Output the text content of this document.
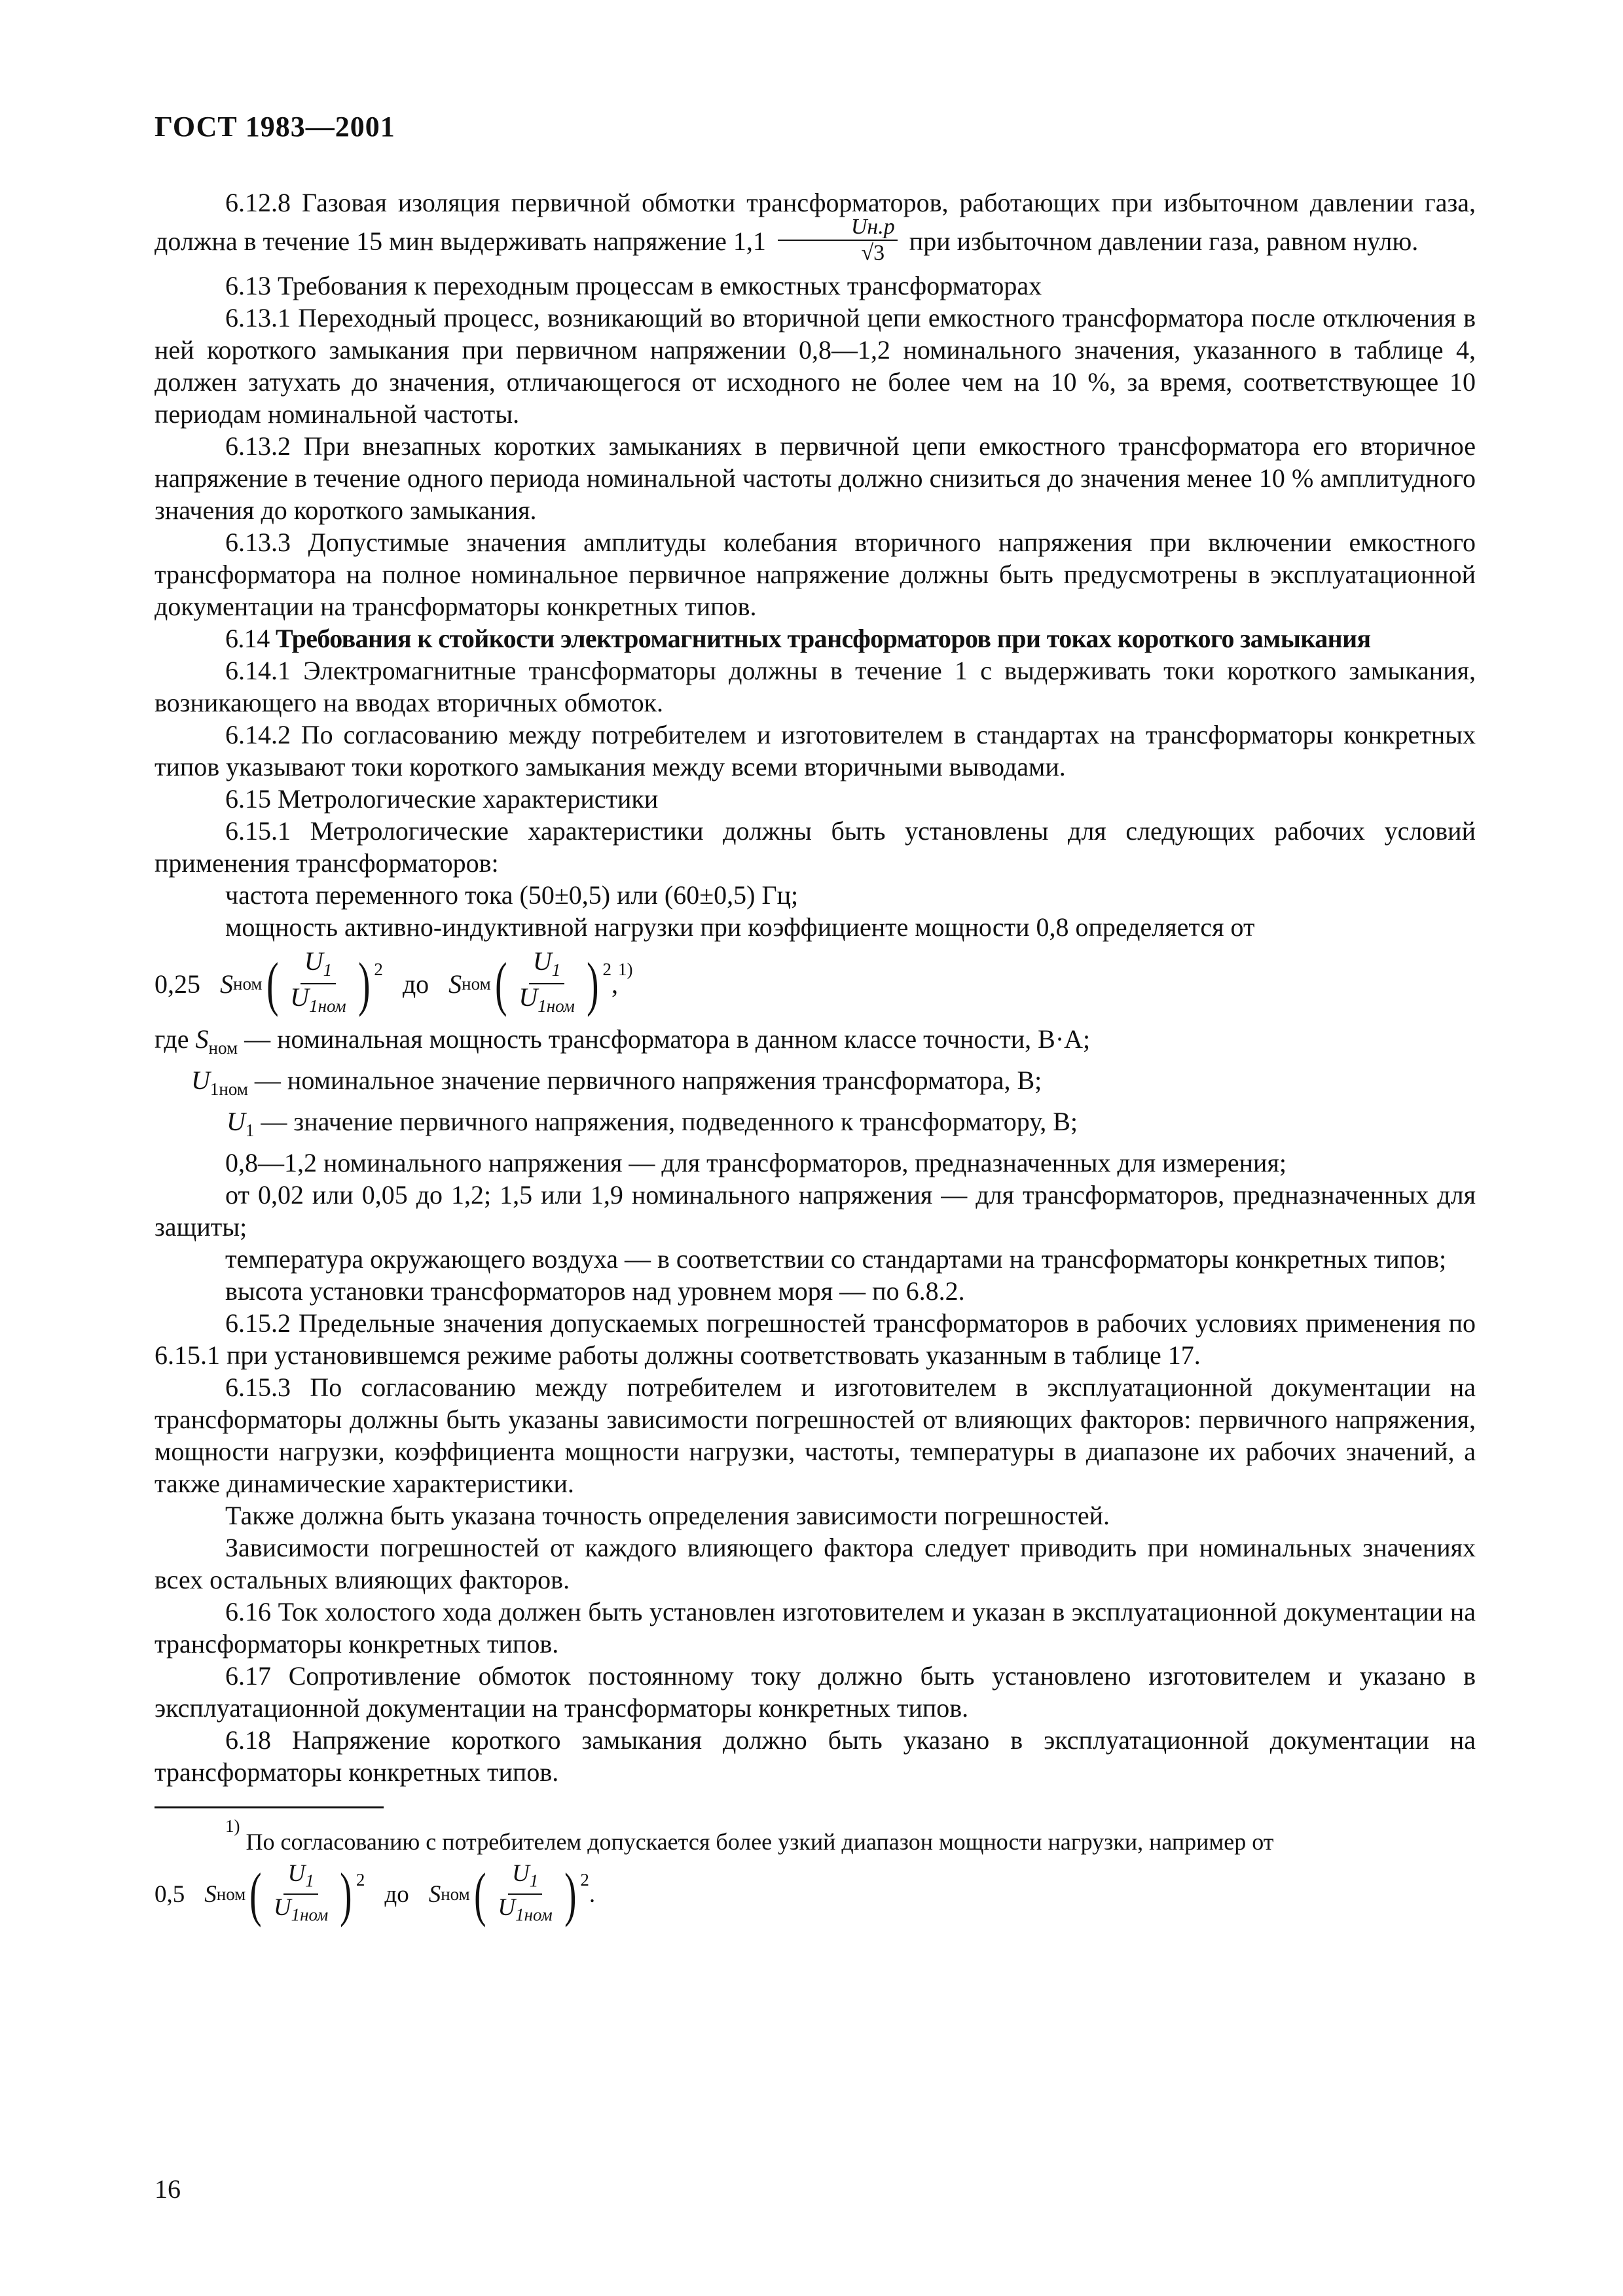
ГОСТ 1983—2001

6.12.8 Газовая изоляция первичной обмотки трансформаторов, работающих при избыточном давлении газа, должна в течение 15 мин выдерживать напряжение $1,1 \frac{Uн.р}{√3}$ при избыточном давлении газа, равном нулю.

6.13 Требования к переходным процессам в емкостных трансформаторах

6.13.1 Переходный процесс, возникающий во вторичной цепи емкостного трансформатора после отключения в ней короткого замыкания при первичном напряжении 0,8—1,2 номинального значения, указанного в таблице 4, должен затухать до значения, отличающегося от исходного не более чем на 10 %, за время, соответствующее 10 периодам номинальной частоты.

6.13.2 При внезапных коротких замыканиях в первичной цепи емкостного трансформатора его вторичное напряжение в течение одного периода номинальной частоты должно снизиться до значения менее 10 % амплитудного значения до короткого замыкания.

6.13.3 Допустимые значения амплитуды колебания вторичного напряжения при включении емкостного трансформатора на полное номинальное первичное напряжение должны быть предусмотрены в эксплуатационной документации на трансформаторы конкретных типов.

6.14 Требования к стойкости электромагнитных трансформаторов при токах короткого замыкания

6.14.1 Электромагнитные трансформаторы должны в течение 1 с выдерживать токи короткого замыкания, возникающего на вводах вторичных обмоток.

6.14.2 По согласованию между потребителем и изготовителем в стандартах на трансформаторы конкретных типов указывают токи короткого замыкания между всеми вторичными выводами.

6.15 Метрологические характеристики

6.15.1 Метрологические характеристики должны быть установлены для следующих рабочих условий применения трансформаторов:

частота переменного тока (50±0,5) или (60±0,5) Гц;

мощность активно-индуктивной нагрузки при коэффициенте мощности 0,8 определяется от

0,25 S ном ( $\frac{U_1}{U_{1ном}}$ ) 2 до S ном ( $\frac{U_1}{U_{1ном}}$ ) 2 , 1)

где $S_{ном}$ — номинальная мощность трансформатора в данном классе точности, В·А;

$U_{1ном}$ — номинальное значение первичного напряжения трансформатора, В;

$U_1$ — значение первичного напряжения, подведенного к трансформатору, В;

0,8—1,2 номинального напряжения — для трансформаторов, предназначенных для измерения;

от 0,02 или 0,05 до 1,2; 1,5 или 1,9 номинального напряжения — для трансформаторов, предназначенных для защиты;

температура окружающего воздуха — в соответствии со стандартами на трансформаторы конкретных типов;

высота установки трансформаторов над уровнем моря — по 6.8.2.

6.15.2 Предельные значения допускаемых погрешностей трансформаторов в рабочих условиях применения по 6.15.1 при установившемся режиме работы должны соответствовать указанным в таблице 17.

6.15.3 По согласованию между потребителем и изготовителем в эксплуатационной документации на трансформаторы должны быть указаны зависимости погрешностей от влияющих факторов: первичного напряжения, мощности нагрузки, коэффициента мощности нагрузки, частоты, температуры в диапазоне их рабочих значений, а также динамические характеристики.

Также должна быть указана точность определения зависимости погрешностей.

Зависимости погрешностей от каждого влияющего фактора следует приводить при номинальных значениях всех остальных влияющих факторов.

6.16 Ток холостого хода должен быть установлен изготовителем и указан в эксплуатационной документации на трансформаторы конкретных типов.

6.17 Сопротивление обмоток постоянному току должно быть установлено изготовителем и указано в эксплуатационной документации на трансформаторы конкретных типов.

6.18 Напряжение короткого замыкания должно быть указано в эксплуатационной документации на трансформаторы конкретных типов.

$^{1)}$ По согласованию с потребителем допускается более узкий диапазон мощности нагрузки, например от

0,5 S ном ( $\frac{U_1}{U_{1ном}}$ ) 2
до S ном ( $\frac{U_1}{U_{1ном}}$ ) 2
.
16
